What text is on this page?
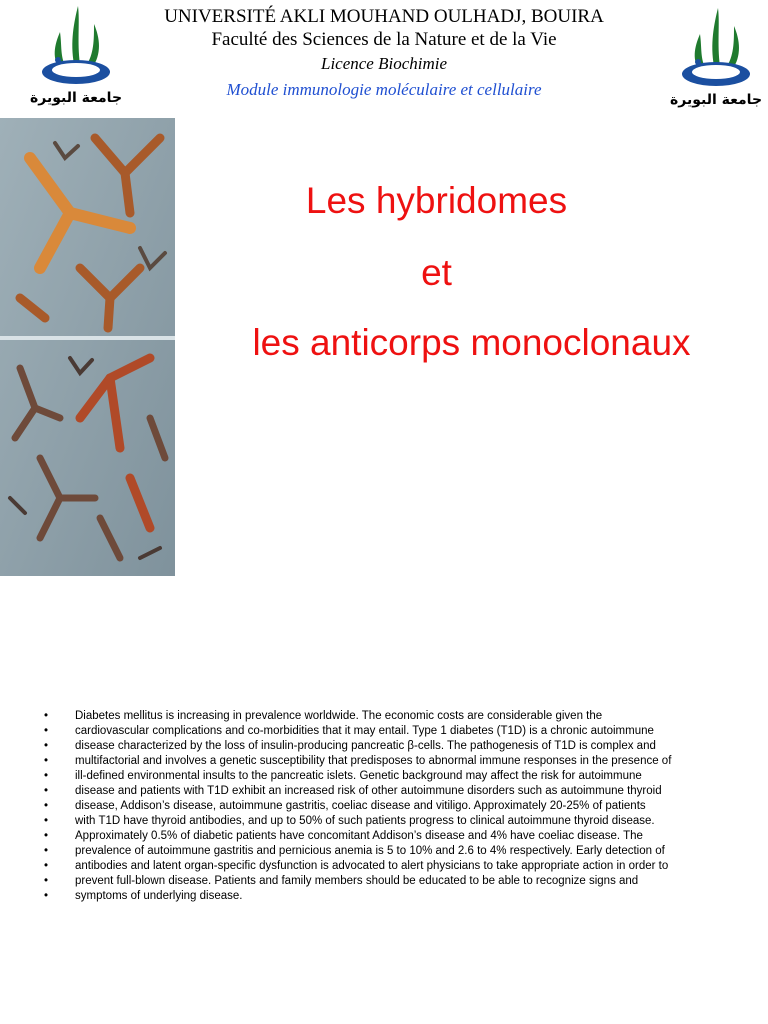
جامعة البويرة
UNIVERSITÉ AKLI MOUHAND OULHADJ, BOUIRA
Faculté des Sciences de la Nature et de la Vie
Licence Biochimie
Module immunologie moléculaire et cellulaire
جامعة البويرة
Les hybridomes
et
les anticorps monoclonaux
• Diabetes mellitus is increasing in prevalence worldwide. The economic costs are considerable given the
• cardiovascular complications and co-morbidities that it may entail. Type 1 diabetes (T1D) is a chronic autoimmune
• disease characterized by the loss of insulin-producing pancreatic β-cells. The pathogenesis of T1D is complex and
• multifactorial and involves a genetic susceptibility that predisposes to abnormal immune responses in the presence of
• ill-defined environmental insults to the pancreatic islets. Genetic background may affect the risk for autoimmune
• disease and patients with T1D exhibit an increased risk of other autoimmune disorders such as autoimmune thyroid
• disease, Addison’s disease, autoimmune gastritis, coeliac disease and vitiligo. Approximately 20-25% of patients
• with T1D have thyroid antibodies, and up to 50% of such patients progress to clinical autoimmune thyroid disease.
• Approximately 0.5% of diabetic patients have concomitant Addison’s disease and 4% have coeliac disease. The
• prevalence of autoimmune gastritis and pernicious anemia is 5 to 10% and 2.6 to 4% respectively. Early detection of
• antibodies and latent organ-specific dysfunction is advocated to alert physicians to take appropriate action in order to
• prevent full-blown disease. Patients and family members should be educated to be able to recognize signs and
• symptoms of underlying disease.
